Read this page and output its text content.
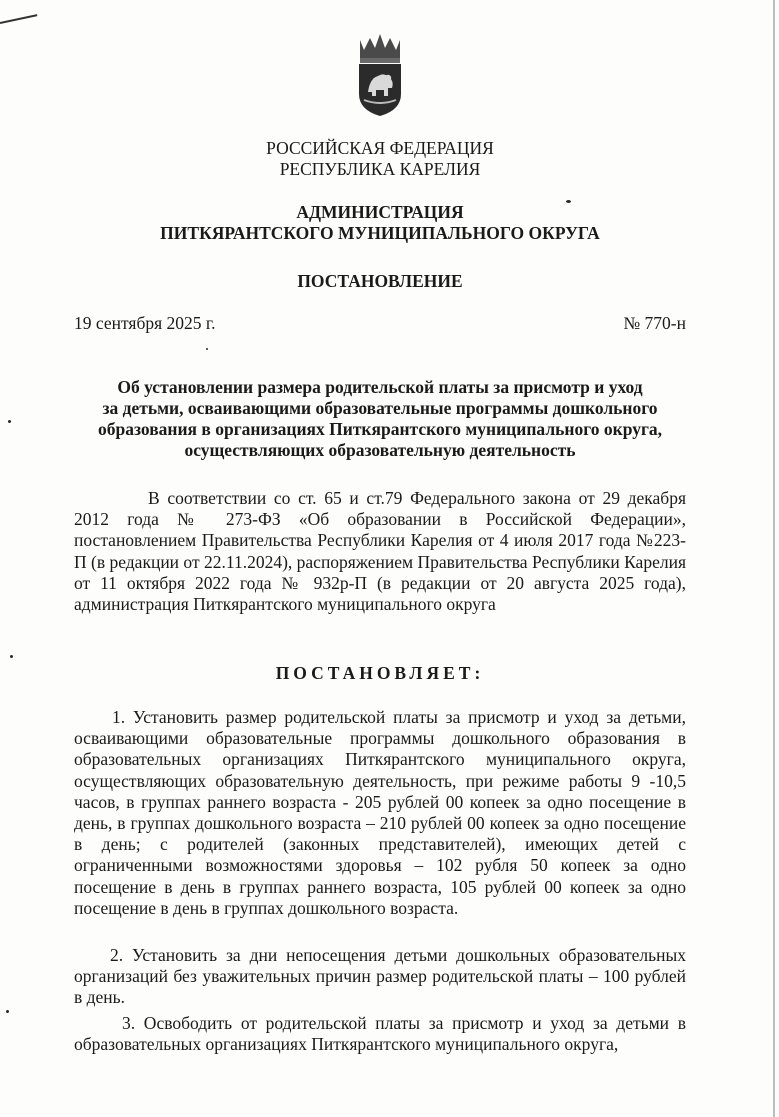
РОССИЙСКАЯ ФЕДЕРАЦИЯ
РЕСПУБЛИКА КАРЕЛИЯ
АДМИНИСТРАЦИЯ
ПИТКЯРАНТСКОГО МУНИЦИПАЛЬНОГО ОКРУГА
ПОСТАНОВЛЕНИЕ
19 сентября 2025 г.	№ 770-н
Об установлении размера родительской платы за присмотр и уход
за детьми, осваивающими образовательные программы дошкольного
образования в организациях Питкярантского муниципального округа,
осуществляющих образовательную деятельность
В соответствии со ст. 65 и ст.79 Федерального закона от 29 декабря 2012 года № 273-ФЗ «Об образовании в Российской Федерации», постановлением Правительства Республики Карелия от 4 июля 2017 года №223-П (в редакции от 22.11.2024), распоряжением Правительства Республики Карелия от 11 октября 2022 года № 932р-П (в редакции от 20 августа 2025 года), администрация Питкярантского муниципального округа
ПОСТАНОВЛЯЕТ:
1. Установить размер родительской платы за присмотр и уход за детьми, осваивающими образовательные программы дошкольного образования в образовательных организациях Питкярантского муниципального округа, осуществляющих образовательную деятельность, при режиме работы 9 -10,5 часов, в группах раннего возраста - 205 рублей 00 копеек за одно посещение в день, в группах дошкольного возраста – 210 рублей 00 копеек за одно посещение в день; с родителей (законных представителей), имеющих детей с ограниченными возможностями здоровья – 102 рубля 50 копеек за одно посещение в день в группах раннего возраста, 105 рублей 00 копеек за одно посещение в день в группах дошкольного возраста.
2. Установить за дни непосещения детьми дошкольных образовательных организаций без уважительных причин размер родительской платы – 100 рублей в день.
3. Освободить от родительской платы за присмотр и уход за детьми в образовательных организациях Питкярантского муниципального округа,
